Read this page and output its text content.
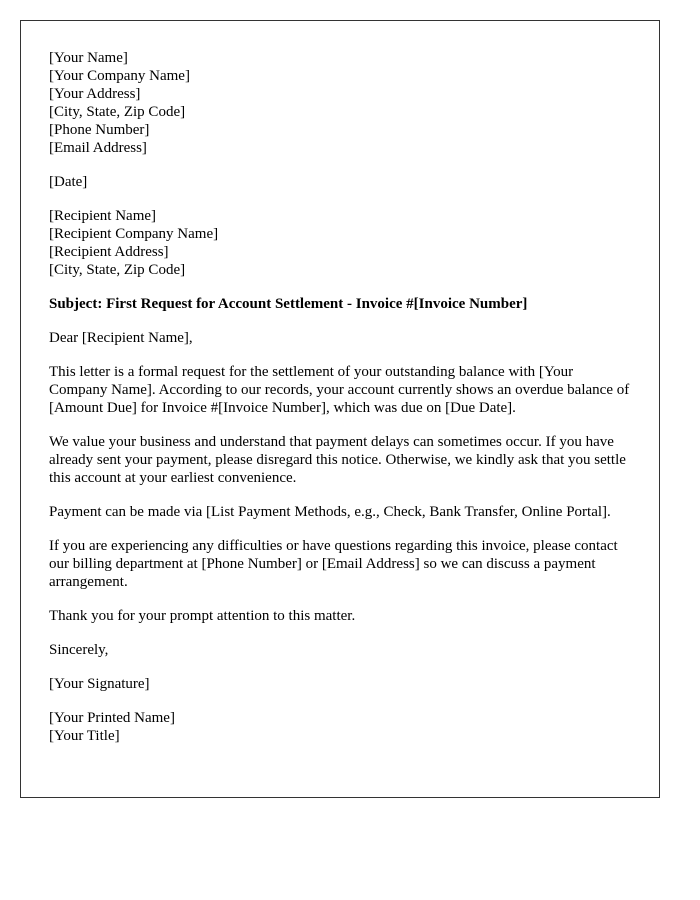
[Your Name]
[Your Company Name]
[Your Address]
[City, State, Zip Code]
[Phone Number]
[Email Address]
[Date]
[Recipient Name]
[Recipient Company Name]
[Recipient Address]
[City, State, Zip Code]

Subject: First Request for Account Settlement - Invoice #[Invoice Number]

Dear [Recipient Name],

This letter is a formal request for the settlement of your outstanding balance with [Your Company Name]. According to our records, your account currently shows an overdue balance of [Amount Due] for Invoice #[Invoice Number], which was due on [Due Date].

We value your business and understand that payment delays can sometimes occur. If you have already sent your payment, please disregard this notice. Otherwise, we kindly ask that you settle this account at your earliest convenience.

Payment can be made via [List Payment Methods, e.g., Check, Bank Transfer, Online Portal].

If you are experiencing any difficulties or have questions regarding this invoice, please contact our billing department at [Phone Number] or [Email Address] so we can discuss a payment arrangement.

Thank you for your prompt attention to this matter.

Sincerely,

[Your Signature]

[Your Printed Name]
[Your Title]
